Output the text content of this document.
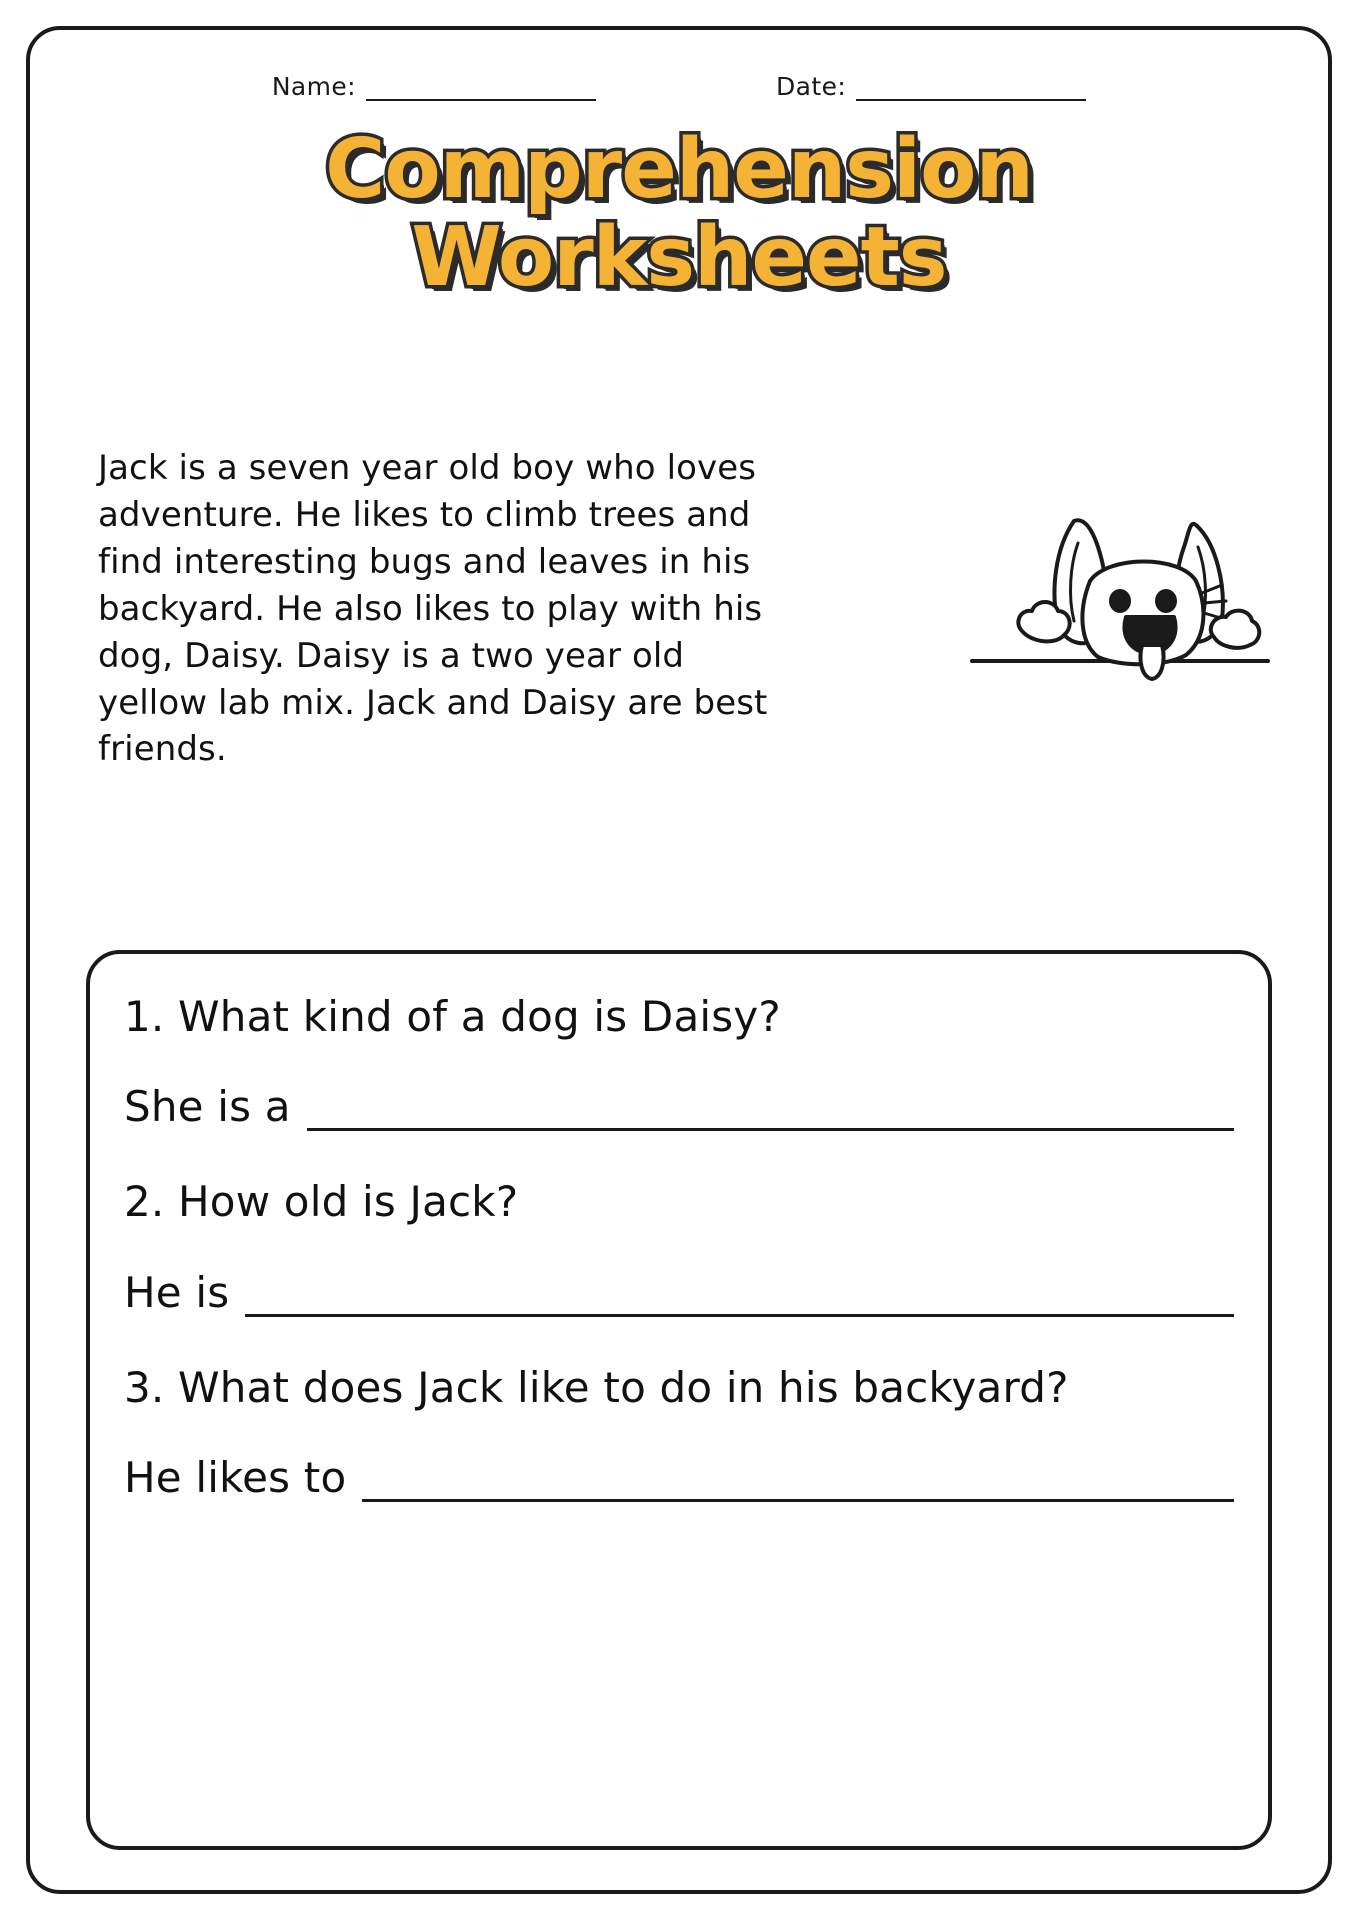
Name:	Date:
Comprehension
Worksheets
Jack is a seven year old boy who loves adventure. He likes to climb trees and find interesting bugs and leaves in his backyard. He also likes to play with his dog, Daisy. Daisy is a two year old yellow lab mix. Jack and Daisy are best friends.

1. What kind of a dog is Daisy?

She is a

2. How old is Jack?

He is

3. What does Jack like to do in his backyard?

He likes to
